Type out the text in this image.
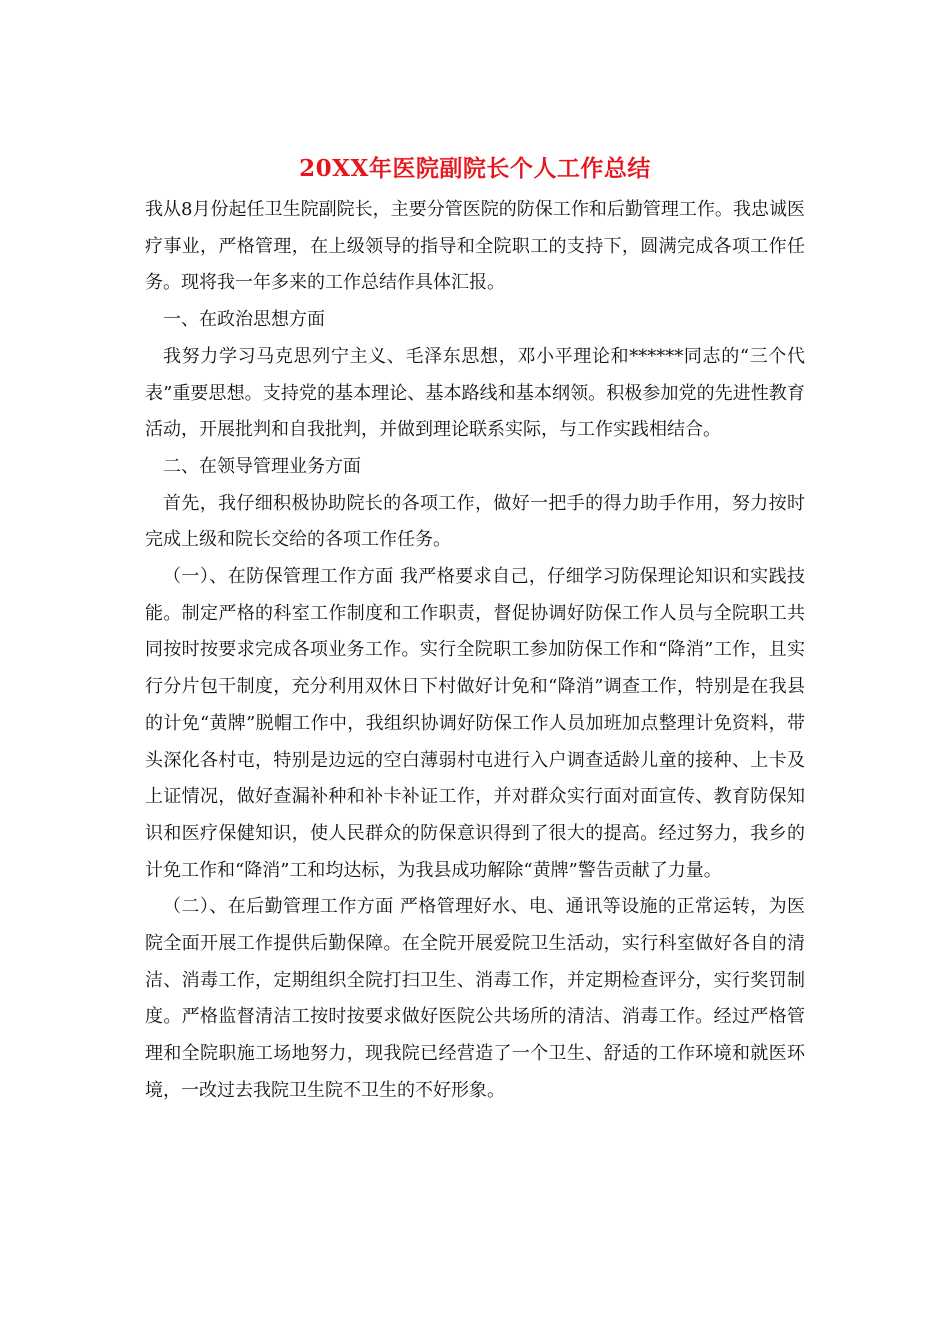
20XX年医院副院长个人工作总结

我从8月份起任卫生院副院长，主要分管医院的防保工作和后勤管理工作。我忠诚医疗事业，严格管理，在上级领导的指导和全院职工的支持下，圆满完成各项工作任务。现将我一年多来的工作总结作具体汇报。

一、在政治思想方面

我努力学习马克思列宁主义、毛泽东思想，邓小平理论和******同志的“三个代表”重要思想。支持党的基本理论、基本路线和基本纲领。积极参加党的先进性教育活动，开展批判和自我批判，并做到理论联系实际，与工作实践相结合。

二、在领导管理业务方面

首先，我仔细积极协助院长的各项工作，做好一把手的得力助手作用，努力按时完成上级和院长交给的各项工作任务。

（一）、在防保管理工作方面 我严格要求自己，仔细学习防保理论知识和实践技能。制定严格的科室工作制度和工作职责，督促协调好防保工作人员与全院职工共同按时按要求完成各项业务工作。实行全院职工参加防保工作和“降消”工作，且实行分片包干制度，充分利用双休日下村做好计免和“降消”调查工作，特别是在我县的计免“黄牌”脱帽工作中，我组织协调好防保工作人员加班加点整理计免资料，带头深化各村屯，特别是边远的空白薄弱村屯进行入户调查适龄儿童的接种、上卡及上证情况，做好查漏补种和补卡补证工作，并对群众实行面对面宣传、教育防保知识和医疗保健知识，使人民群众的防保意识得到了很大的提高。经过努力，我乡的计免工作和“降消”工和均达标，为我县成功解除“黄牌”警告贡献了力量。

（二）、在后勤管理工作方面 严格管理好水、电、通讯等设施的正常运转，为医院全面开展工作提供后勤保障。在全院开展爱院卫生活动，实行科室做好各自的清洁、消毒工作，定期组织全院打扫卫生、消毒工作，并定期检查评分，实行奖罚制度。严格监督清洁工按时按要求做好医院公共场所的清洁、消毒工作。经过严格管理和全院职施工场地努力，现我院已经营造了一个卫生、舒适的工作环境和就医环境，一改过去我院卫生院不卫生的不好形象。
